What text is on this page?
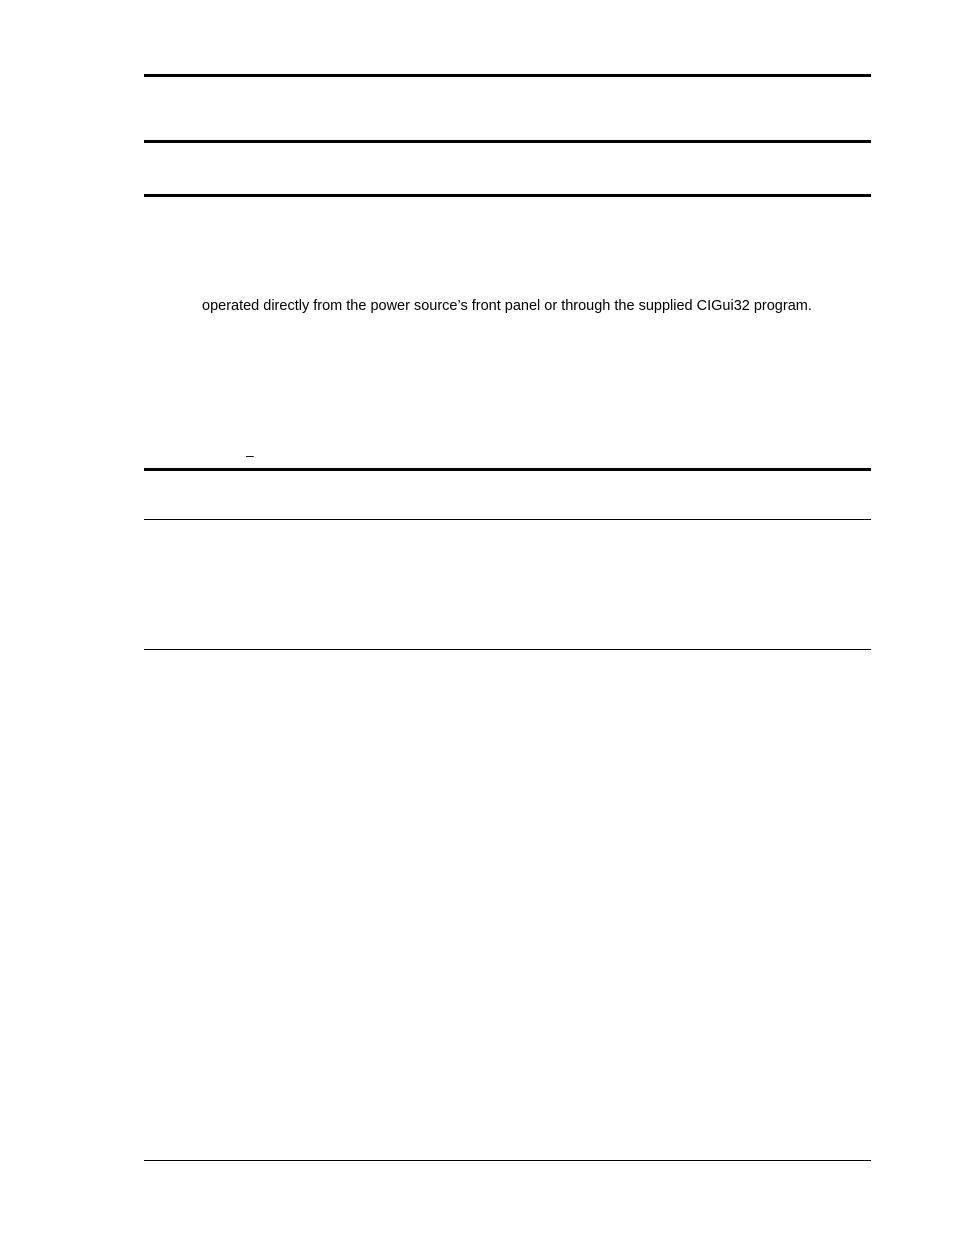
operated directly from the power source’s front panel or through the supplied CIGui32 program.
–
